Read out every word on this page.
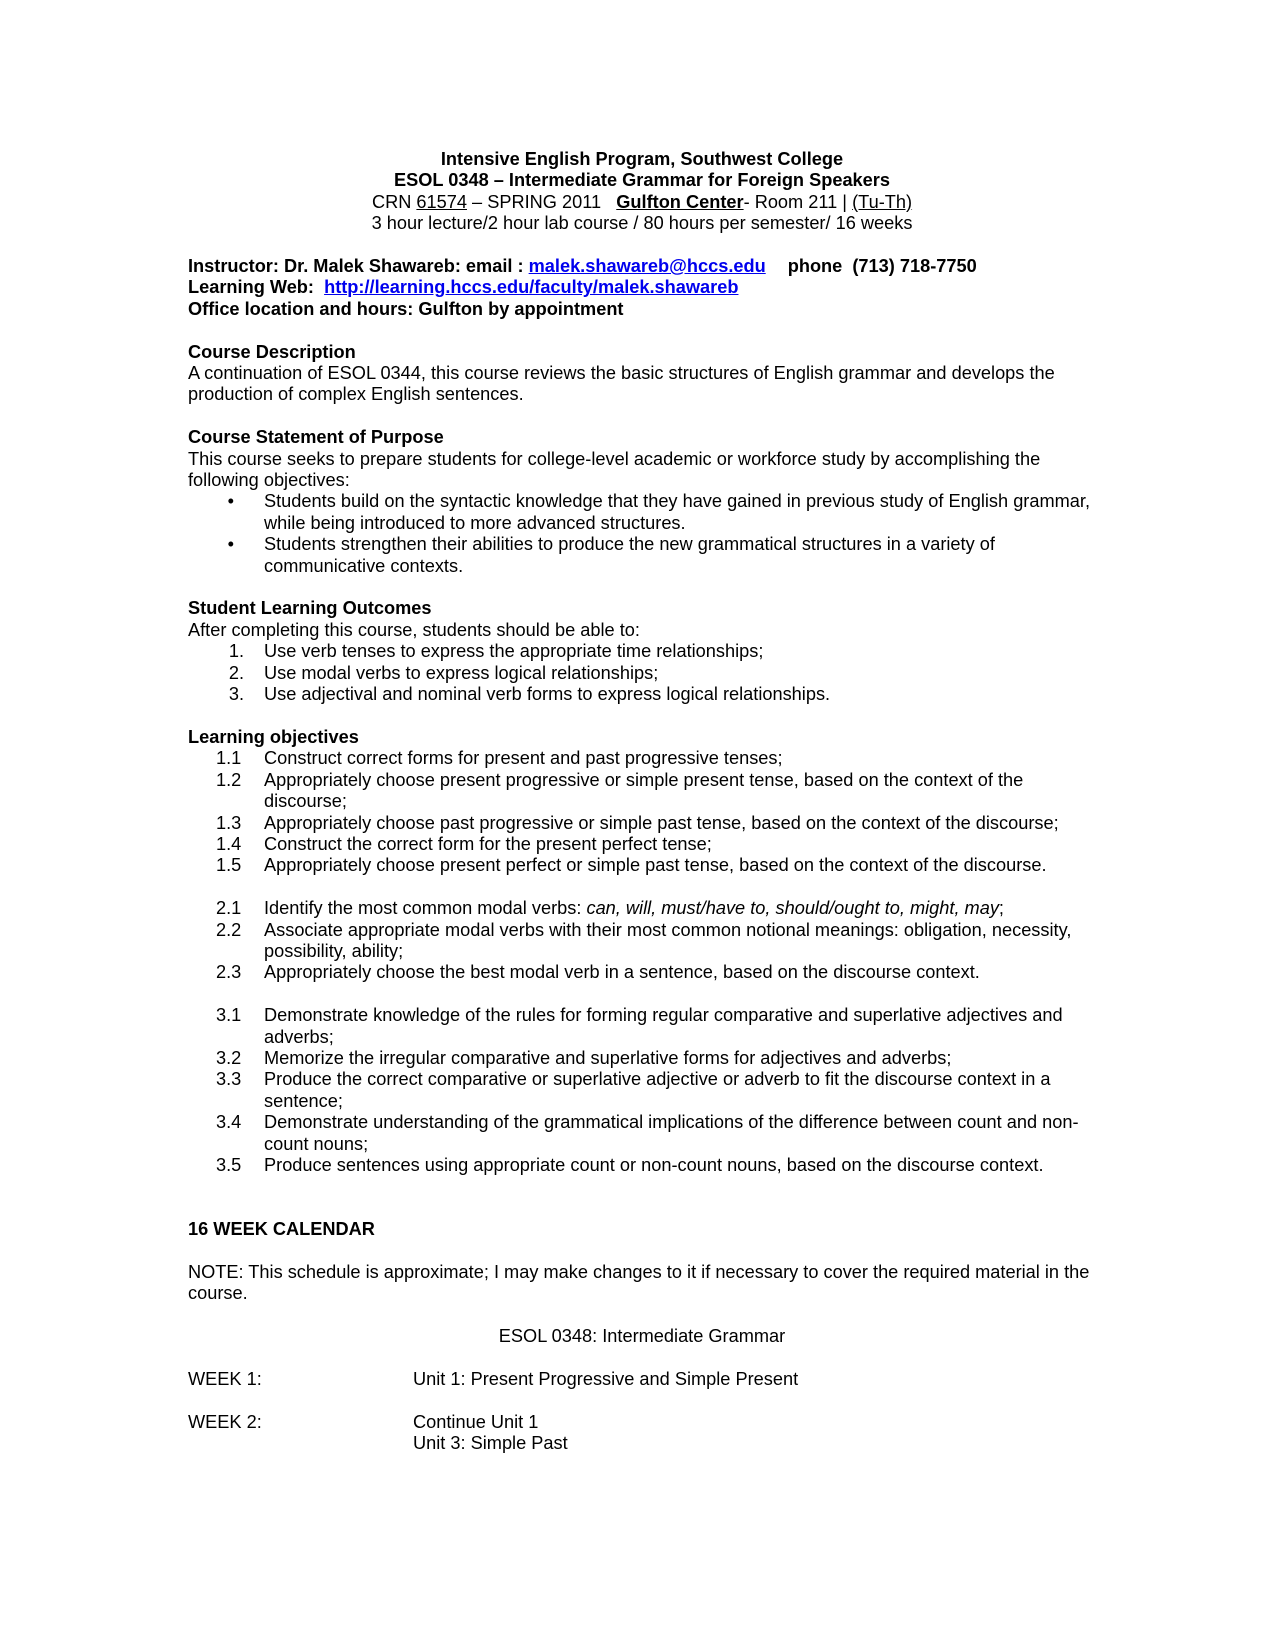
Intensive English Program, Southwest College

ESOL 0348 – Intermediate Grammar for Foreign Speakers

CRN 61574 – SPRING 2011   Gulfton Center- Room 211 | (Tu-Th)

3 hour lecture/2 hour lab course / 80 hours per semester/ 16 weeks

Instructor: Dr. Malek Shawareb: email : malek.shawareb@hccs.edu phone  (713) 718-7750

Learning Web:  http://learning.hccs.edu/faculty/malek.shawareb

Office location and hours: Gulfton by appointment

Course Description

A continuation of ESOL 0344, this course reviews the basic structures of English grammar and develops the production of complex English sentences.

Course Statement of Purpose

This course seeks to prepare students for college-level academic or workforce study by accomplishing the following objectives:

•	Students build on the syntactic knowledge that they have gained in previous study of English grammar, while being introduced to more advanced structures.
•	Students strengthen their abilities to produce the new grammatical structures in a variety of communicative contexts.

Student Learning Outcomes

After completing this course, students should be able to:

1.	Use verb tenses to express the appropriate time relationships;
2.	Use modal verbs to express logical relationships;
3.	Use adjectival and nominal verb forms to express logical relationships.

Learning objectives

1.1	Construct correct forms for present and past progressive tenses;
1.2	Appropriately choose present progressive or simple present tense, based on the context of the discourse;
1.3	Appropriately choose past progressive or simple past tense, based on the context of the discourse;
1.4	Construct the correct form for the present perfect tense;
1.5	Appropriately choose present perfect or simple past tense, based on the context of the discourse.
2.1	Identify the most common modal verbs: can, will, must/have to, should/ought to, might, may;
2.2	Associate appropriate modal verbs with their most common notional meanings: obligation, necessity, possibility, ability;
2.3	Appropriately choose the best modal verb in a sentence, based on the discourse context.
3.1	Demonstrate knowledge of the rules for forming regular comparative and superlative adjectives and adverbs;
3.2	Memorize the irregular comparative and superlative forms for adjectives and adverbs;
3.3	Produce the correct comparative or superlative adjective or adverb to fit the discourse context in a sentence;
3.4	Demonstrate understanding of the grammatical implications of the difference between count and non-count nouns;
3.5	Produce sentences using appropriate count or non-count nouns, based on the discourse context.

16 WEEK CALENDAR

NOTE: This schedule is approximate; I may make changes to it if necessary to cover the required material in the course.

ESOL 0348: Intermediate Grammar

WEEK 1:	Unit 1: Present Progressive and Simple Present

WEEK 2:	Continue Unit 1

Unit 3: Simple Past
